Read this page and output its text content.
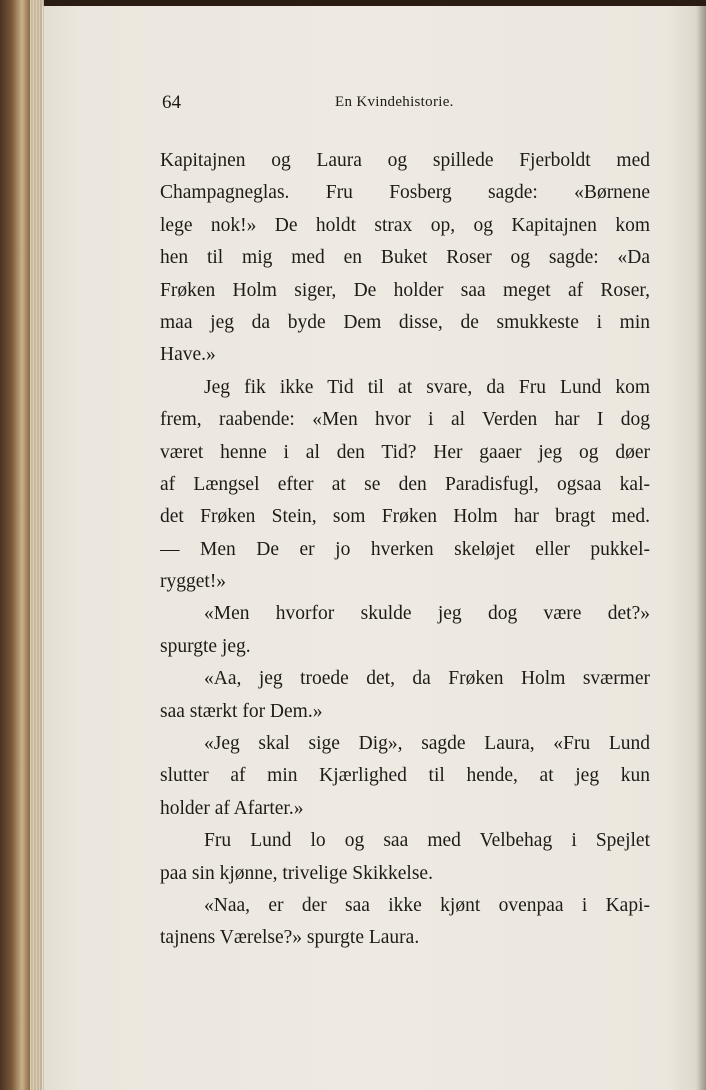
64	En Kvindehistorie.
Kapitajnen og Laura og spillede Fjerboldt med
Champagneglas. Fru Fosberg sagde: «Børnene
lege nok!» De holdt strax op, og Kapitajnen kom
hen til mig med en Buket Roser og sagde: «Da
Frøken Holm siger, De holder saa meget af Roser,
maa jeg da byde Dem disse, de smukkeste i min
Have.»
Jeg fik ikke Tid til at svare, da Fru Lund kom
frem, raabende: «Men hvor i al Verden har I dog
været henne i al den Tid? Her gaaer jeg og døer
af Længsel efter at se den Paradisfugl, ogsaa kal-
det Frøken Stein, som Frøken Holm har bragt med.
— Men De er jo hverken skeløjet eller pukkel-
rygget!»
«Men hvorfor skulde jeg dog være det?»
spurgte jeg.
«Aa, jeg troede det, da Frøken Holm sværmer
saa stærkt for Dem.»
«Jeg skal sige Dig», sagde Laura, «Fru Lund
slutter af min Kjærlighed til hende, at jeg kun
holder af Afarter.»
Fru Lund lo og saa med Velbehag i Spejlet
paa sin kjønne, trivelige Skikkelse.
«Naa, er der saa ikke kjønt ovenpaa i Kapi-
tajnens Værelse?» spurgte Laura.
